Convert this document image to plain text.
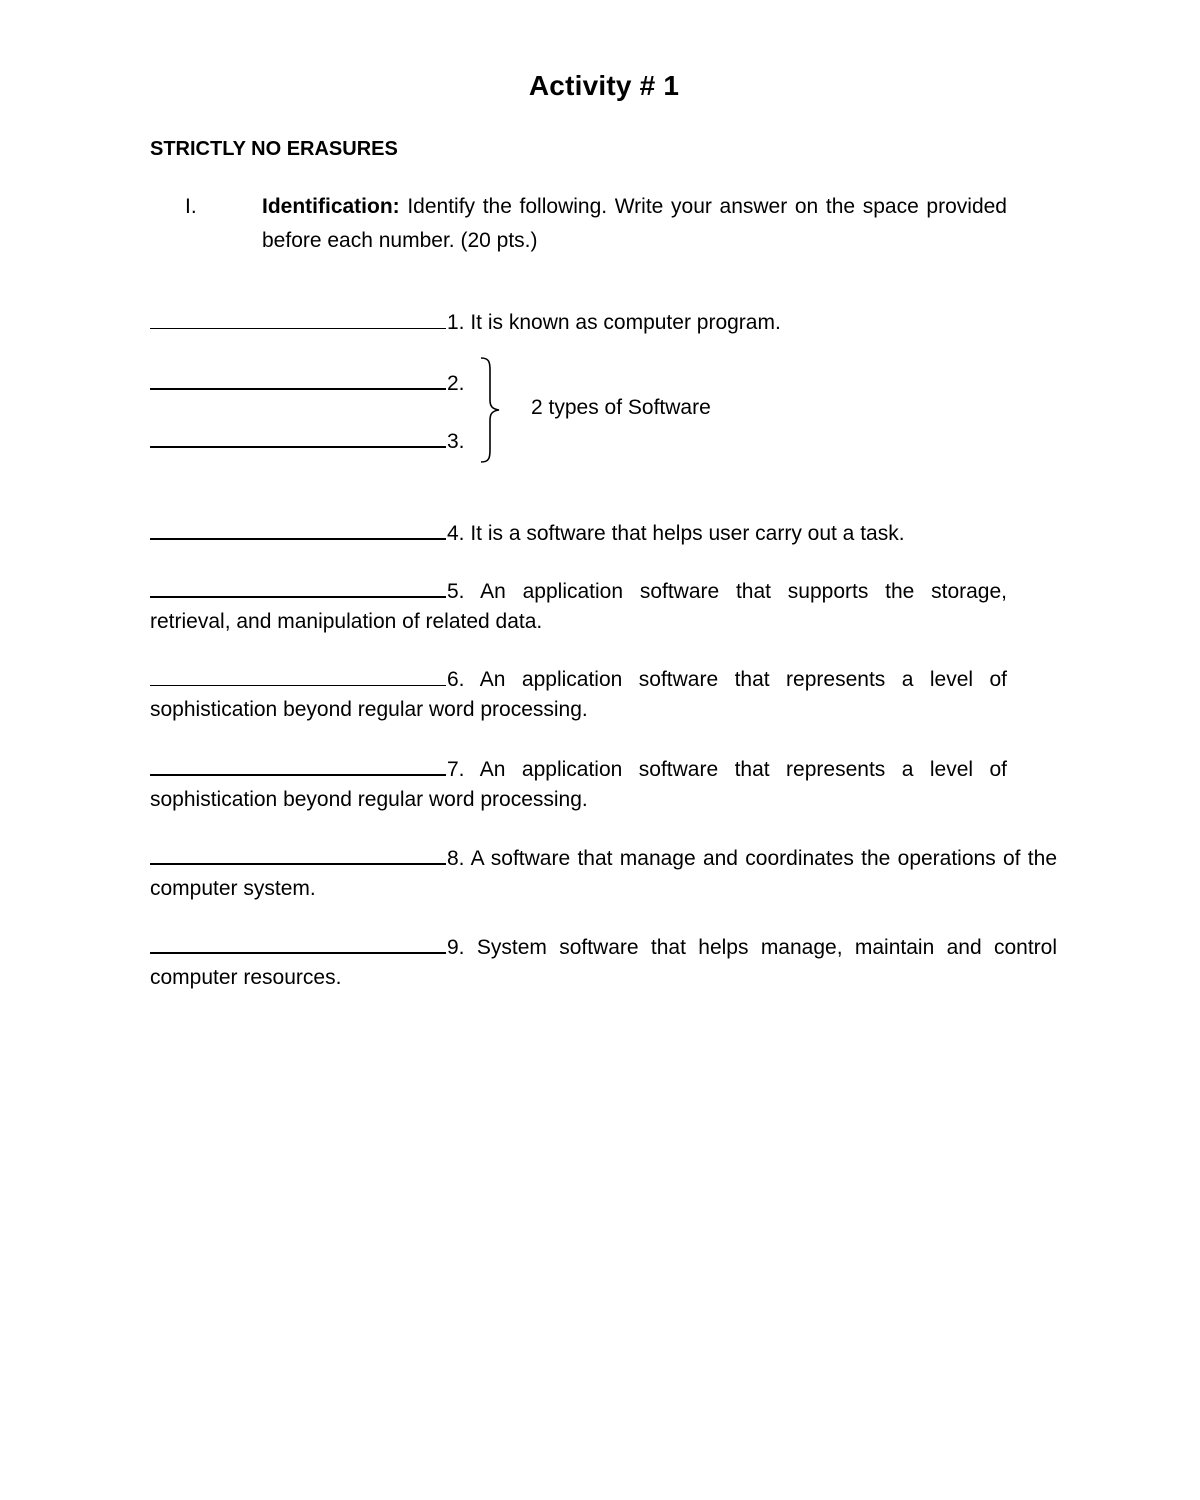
Activity # 1
STRICTLY NO ERASURES
I.	Identification: Identify the following. Write your answer on the space provided before each number. (20 pts.)
1. It is known as computer program.
2.
3.
2 types of Software
4. It is a software that helps user carry out a task.
5. An application software that supports the storage, retrieval, and manipulation of related data.
6. An application software that represents a level of sophistication beyond regular word processing.
7. An application software that represents a level of sophistication beyond regular word processing.
8. A software that manage and coordinates the operations of the computer system.
9. System software that helps manage, maintain and control computer resources.
